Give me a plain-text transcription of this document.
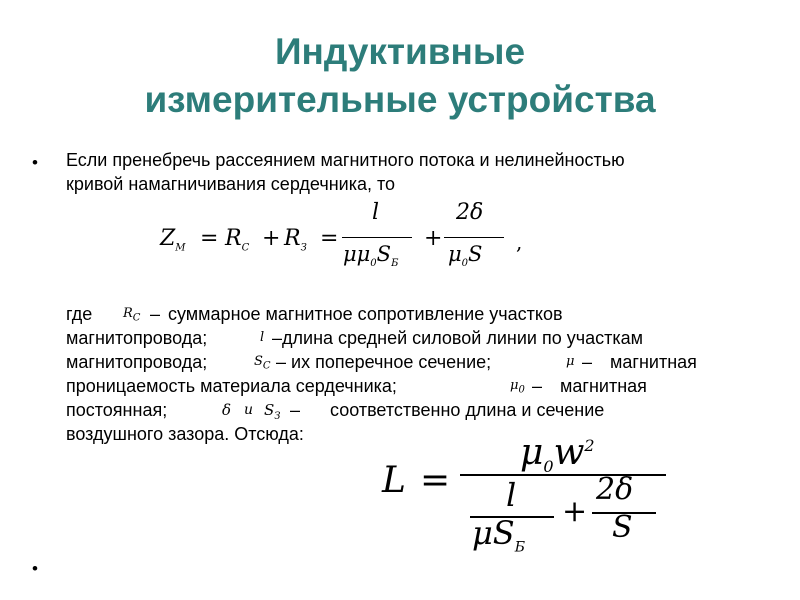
Индуктивные
измерительные устройства
•
•
Если пренебречь рассеянием магнитного потока и нелинейностью
кривой намагничивания сердечника, то
$Z_M = R_C + R_З$ =
l
$\mu\mu_0S_Б$
+
2δ
$\mu_0S$ ,
где $R_C$ – суммарное магнитное сопротивление участков
магнитопровода;	l –длина средней силовой линии по участкам
магнитопровода;	$S_C$ – их поперечное сечение;	μ – магнитная
проницаемость материала сердечника;	$\mu_0$ – магнитная
постоянная;	δ и $S_З$ – соответственно длина и сечение
воздушного зазора. Отсюда:
L =
$\mu_0w^2$
l
$\mu S_Б$
+
2δ
S
